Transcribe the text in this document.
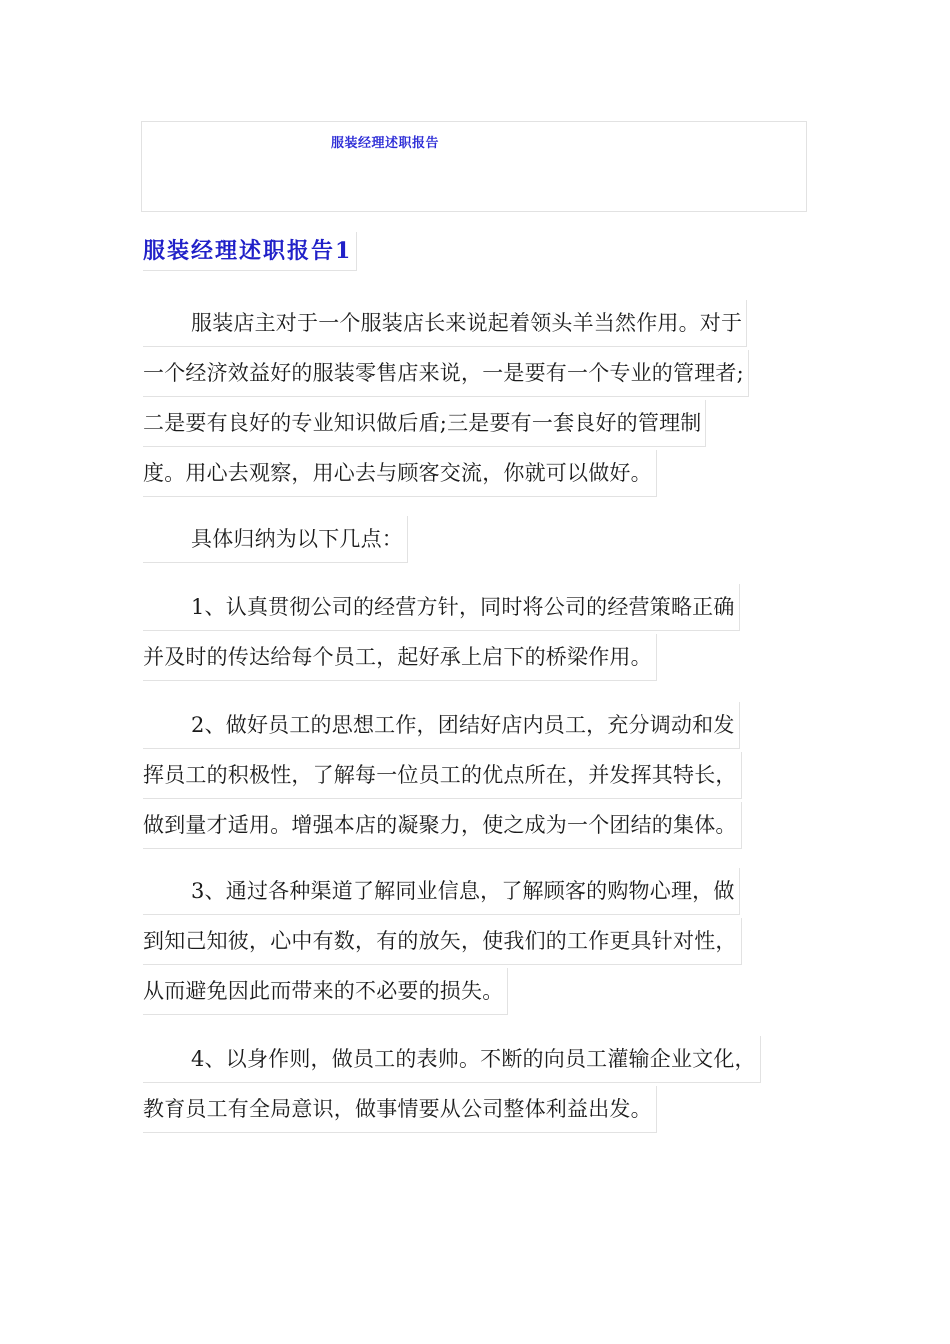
服装经理述职报告
服装经理述职报告1
服装店主对于一个服装店长来说起着领头羊当然作用。对于
一个经济效益好的服装零售店来说，一是要有一个专业的管理者;
二是要有良好的专业知识做后盾;三是要有一套良好的管理制
度。用心去观察，用心去与顾客交流，你就可以做好。
具体归纳为以下几点：
1、认真贯彻公司的经营方针，同时将公司的经营策略正确
并及时的传达给每个员工，起好承上启下的桥梁作用。
2、做好员工的思想工作，团结好店内员工，充分调动和发
挥员工的积极性，了解每一位员工的优点所在，并发挥其特长，
做到量才适用。增强本店的凝聚力，使之成为一个团结的集体。
3、通过各种渠道了解同业信息，了解顾客的购物心理，做
到知己知彼，心中有数，有的放矢，使我们的工作更具针对性，
从而避免因此而带来的不必要的损失。
4、以身作则，做员工的表帅。不断的向员工灌输企业文化，
教育员工有全局意识，做事情要从公司整体利益出发。
